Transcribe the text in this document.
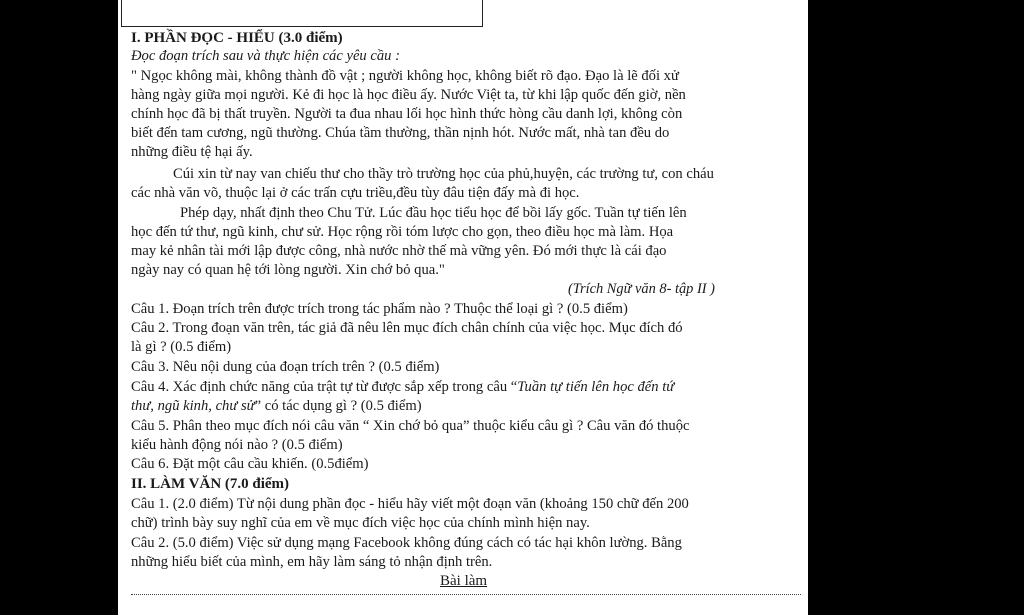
I. PHẦN ĐỌC - HIỂU (3.0 điểm)
Đọc đoạn trích sau và thực hiện các yêu cầu :
" Ngọc không mài, không thành đồ vật ; người không học, không biết rõ đạo. Đạo là lẽ đối xử
hàng ngày giữa mọi người. Kẻ đi học là học điều ấy. Nước Việt ta, từ khi lập quốc đến giờ, nền
chính học đã bị thất truyền. Người ta đua nhau lối học hình thức hòng cầu danh lợi, không còn
biết đến tam cương, ngũ thường. Chúa tầm thường, thần nịnh hót. Nước mất, nhà tan đều do
những điều tệ hại ấy.
Cúi xin từ nay van chiếu thư cho thầy trò trường học của phủ,huyện, các trường tư, con cháu
các nhà văn võ, thuộc lại ở các trấn cựu triều,đều tùy đâu tiện đấy mà đi học.
Phép dạy, nhất định theo Chu Tử. Lúc đầu học tiểu học để bồi lấy gốc. Tuần tự tiến lên
học đến tứ thư, ngũ kinh, chư sử. Học rộng rồi tóm lược cho gọn, theo điều học mà làm. Họa
may kẻ nhân tài mới lập được công, nhà nước nhờ thế mà vững yên. Đó mới thực là cái đạo
ngày nay có quan hệ tới lòng người. Xin chớ bỏ qua."
(Trích Ngữ văn 8- tập II )
Câu 1. Đoạn trích trên được trích trong tác phẩm nào ? Thuộc thể loại gì ? (0.5 điểm)
Câu 2. Trong đoạn văn trên, tác giả đã nêu lên mục đích chân chính của việc học. Mục đích đó
là gì ? (0.5 điểm)
Câu 3. Nêu nội dung của đoạn trích trên ? (0.5 điểm)
Câu 4. Xác định chức năng của trật tự từ được sắp xếp trong câu “Tuần tự tiến lên học đến tứ
thư, ngũ kinh, chư sử” có tác dụng gì ? (0.5 điểm)
Câu 5. Phân theo mục đích nói câu văn “ Xin chớ bỏ qua” thuộc kiểu câu gì ? Câu văn đó thuộc
kiểu hành động nói nào ? (0.5 điểm)
Câu 6. Đặt một câu cầu khiến. (0.5điểm)
II. LÀM VĂN (7.0 điểm)
Câu 1. (2.0 điểm) Từ nội dung phần đọc - hiểu hãy viết một đoạn văn (khoảng 150 chữ đến 200
chữ) trình bày suy nghĩ của em về mục đích việc học của chính mình hiện nay.
Câu 2. (5.0 điểm) Việc sử dụng mạng Facebook không đúng cách có tác hại khôn lường. Bằng
những hiểu biết của mình, em hãy làm sáng tỏ nhận định trên.
Bài làm
